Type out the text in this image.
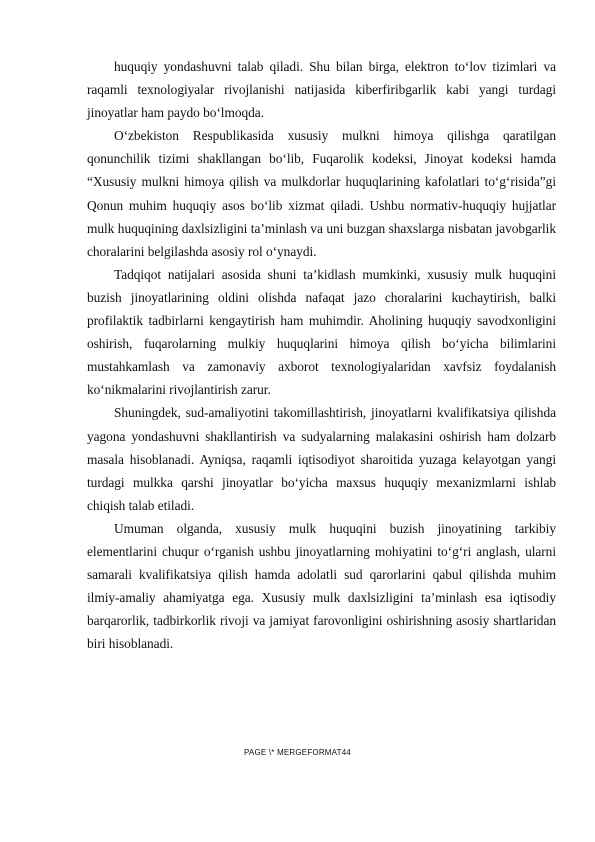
huquqiy yondashuvni talab qiladi. Shu bilan birga, elektron to‘lov tizimlari va raqamli texnologiyalar rivojlanishi natijasida kiberfiribgarlik kabi yangi turdagi jinoyatlar ham paydo bo‘lmoqda.

O‘zbekiston Respublikasida xususiy mulkni himoya qilishga qaratilgan qonunchilik tizimi shakllangan bo‘lib, Fuqarolik kodeksi, Jinoyat kodeksi hamda “Xususiy mulkni himoya qilish va mulkdorlar huquqlarining kafolatlari to‘g‘risida”gi Qonun muhim huquqiy asos bo‘lib xizmat qiladi. Ushbu normativ-huquqiy hujjatlar mulk huquqining daxlsizligini ta’minlash va uni buzgan shaxslarga nisbatan javobgarlik choralarini belgilashda asosiy rol o‘ynaydi.

Tadqiqot natijalari asosida shuni ta’kidlash mumkinki, xususiy mulk huquqini buzish jinoyatlarining oldini olishda nafaqat jazo choralarini kuchaytirish, balki profilaktik tadbirlarni kengaytirish ham muhimdir. Aholining huquqiy savodxonligini oshirish, fuqarolarning mulkiy huquqlarini himoya qilish bo‘yicha bilimlarini mustahkamlash va zamonaviy axborot texnologiyalaridan xavfsiz foydalanish ko‘nikmalarini rivojlantirish zarur.

Shuningdek, sud-amaliyotini takomillashtirish, jinoyatlarni kvalifikatsiya qilishda yagona yondashuvni shakllantirish va sudyalarning malakasini oshirish ham dolzarb masala hisoblanadi. Ayniqsa, raqamli iqtisodiyot sharoitida yuzaga kelayotgan yangi turdagi mulkka qarshi jinoyatlar bo‘yicha maxsus huquqiy mexanizmlarni ishlab chiqish talab etiladi.

Umuman olganda, xususiy mulk huquqini buzish jinoyatining tarkibiy elementlarini chuqur o‘rganish ushbu jinoyatlarning mohiyatini to‘g‘ri anglash, ularni samarali kvalifikatsiya qilish hamda adolatli sud qarorlarini qabul qilishda muhim ilmiy-amaliy ahamiyatga ega. Xususiy mulk daxlsizligini ta’minlash esa iqtisodiy barqarorlik, tadbirkorlik rivoji va jamiyat farovonligini oshirishning asosiy shartlaridan biri hisoblanadi.

PAGE \* MERGEFORMAT44
